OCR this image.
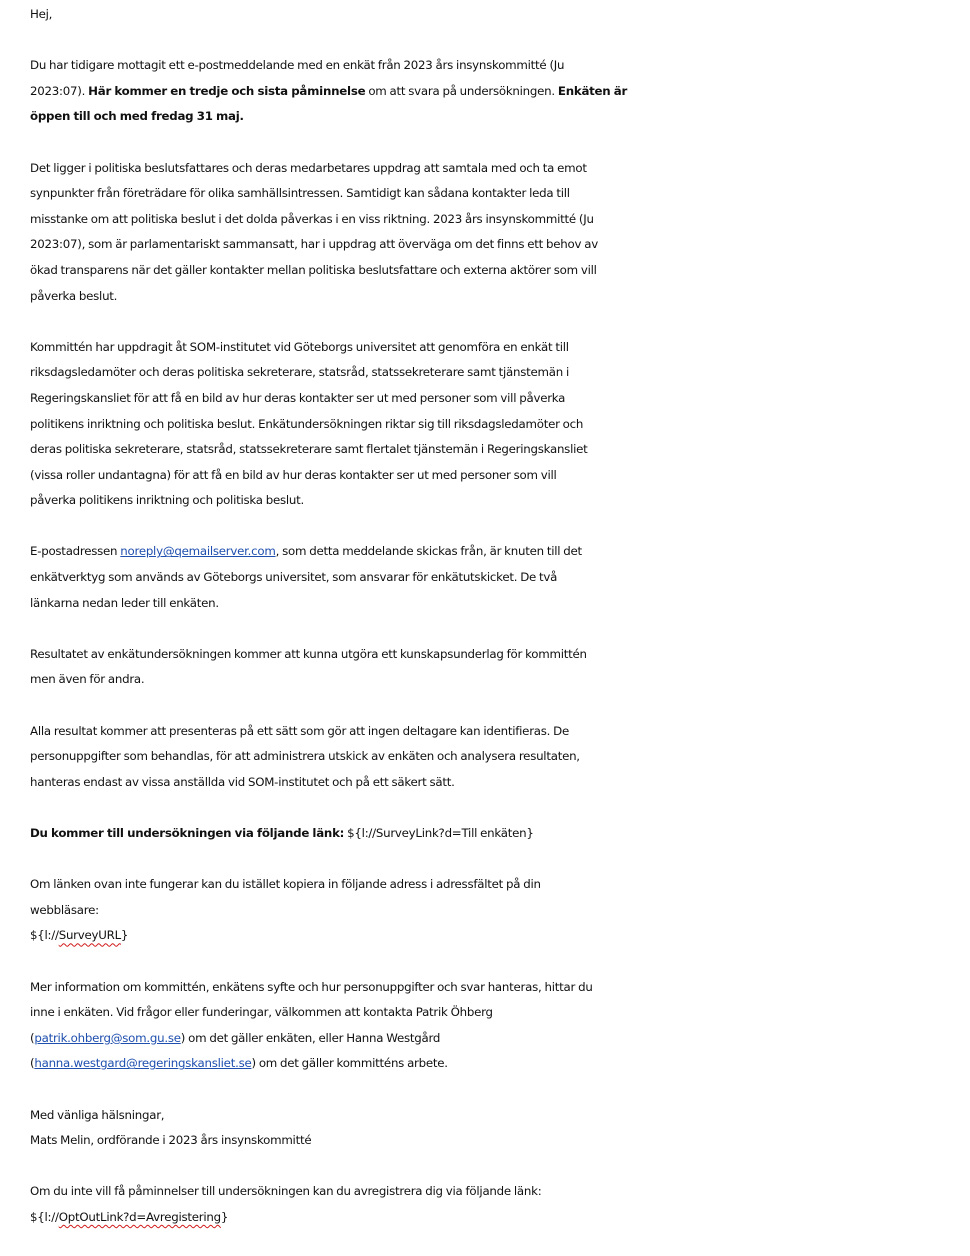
Hej,
Du har tidigare mottagit ett e-postmeddelande med en enkät från 2023 års insynskommitté (Ju
2023:07). Här kommer en tredje och sista påminnelse om att svara på undersökningen. Enkäten är
öppen till och med fredag 31 maj.
Det ligger i politiska beslutsfattares och deras medarbetares uppdrag att samtala med och ta emot
synpunkter från företrädare för olika samhällsintressen. Samtidigt kan sådana kontakter leda till
misstanke om att politiska beslut i det dolda påverkas i en viss riktning. 2023 års insynskommitté (Ju
2023:07), som är parlamentariskt sammansatt, har i uppdrag att överväga om det finns ett behov av
ökad transparens när det gäller kontakter mellan politiska beslutsfattare och externa aktörer som vill
påverka beslut.
Kommittén har uppdragit åt SOM-institutet vid Göteborgs universitet att genomföra en enkät till
riksdagsledamöter och deras politiska sekreterare, statsråd, statssekreterare samt tjänstemän i
Regeringskansliet för att få en bild av hur deras kontakter ser ut med personer som vill påverka
politikens inriktning och politiska beslut. Enkätundersökningen riktar sig till riksdagsledamöter och
deras politiska sekreterare, statsråd, statssekreterare samt flertalet tjänstemän i Regeringskansliet
(vissa roller undantagna) för att få en bild av hur deras kontakter ser ut med personer som vill
påverka politikens inriktning och politiska beslut.
E-postadressen noreply@qemailserver.com, som detta meddelande skickas från, är knuten till det
enkätverktyg som används av Göteborgs universitet, som ansvarar för enkätutskicket. De två
länkarna nedan leder till enkäten.
Resultatet av enkätundersökningen kommer att kunna utgöra ett kunskapsunderlag för kommittén
men även för andra.
Alla resultat kommer att presenteras på ett sätt som gör att ingen deltagare kan identifieras. De
personuppgifter som behandlas, för att administrera utskick av enkäten och analysera resultaten,
hanteras endast av vissa anställda vid SOM-institutet och på ett säkert sätt.
Du kommer till undersökningen via följande länk: ${l://SurveyLink?d=Till enkäten}
Om länken ovan inte fungerar kan du istället kopiera in följande adress i adressfältet på din
webbläsare:
${l://SurveyURL}
Mer information om kommittén, enkätens syfte och hur personuppgifter och svar hanteras, hittar du
inne i enkäten. Vid frågor eller funderingar, välkommen att kontakta Patrik Öhberg
(patrik.ohberg@som.gu.se) om det gäller enkäten, eller Hanna Westgård
(hanna.westgard@regeringskansliet.se) om det gäller kommitténs arbete.
Med vänliga hälsningar,
Mats Melin, ordförande i 2023 års insynskommitté
Om du inte vill få påminnelser till undersökningen kan du avregistrera dig via följande länk:
${l://OptOutLink?d=Avregistering}
